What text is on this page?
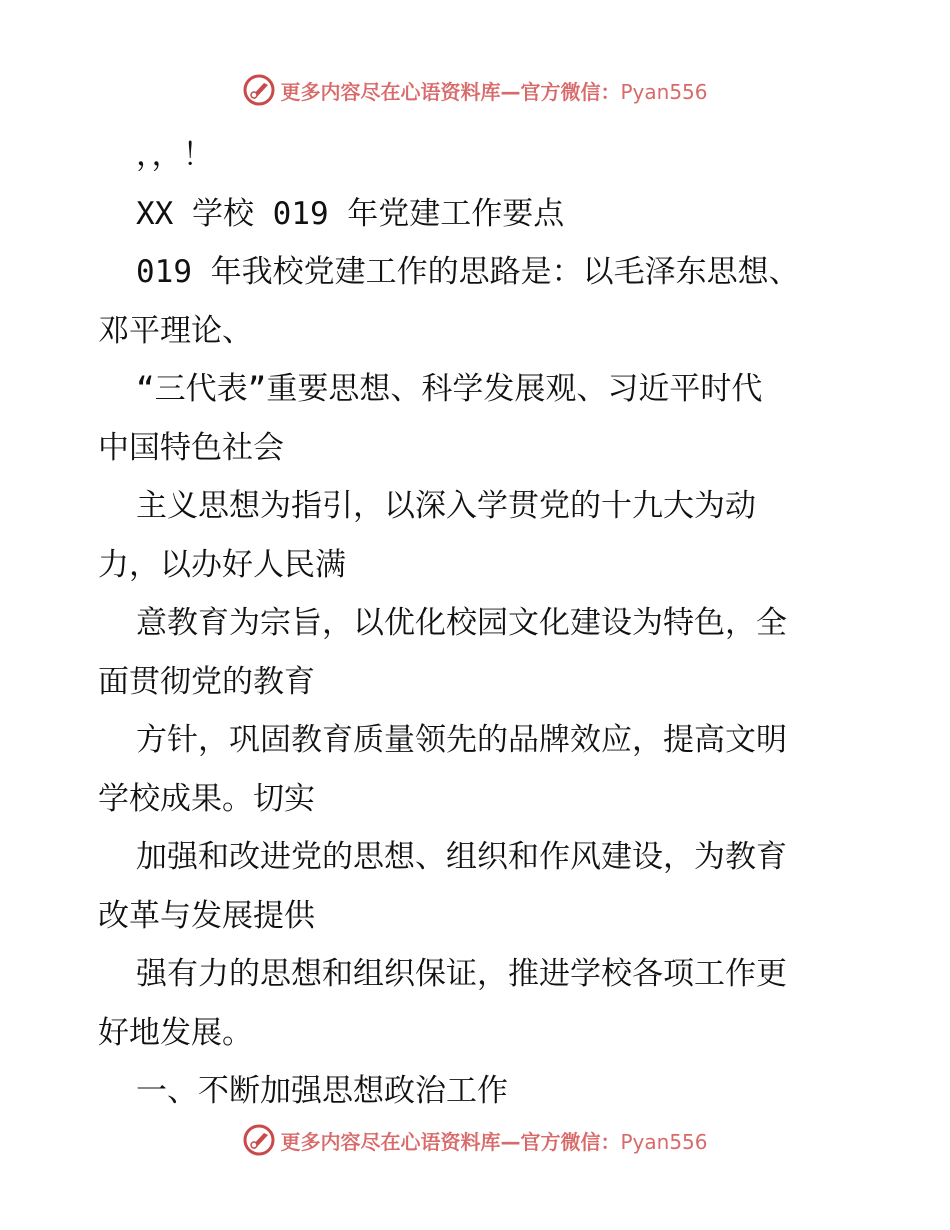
更多内容尽在心语资料库—官方微信：Pyan556
，，！
XX 学校 019 年党建工作要点
019 年我校党建工作的思路是：以毛泽东思想、
邓平理论、
“三代表”重要思想、科学发展观、习近平时代
中国特色社会
主义思想为指引，以深入学贯党的十九大为动
力，以办好人民满
意教育为宗旨，以优化校园文化建设为特色，全
面贯彻党的教育
方针，巩固教育质量领先的品牌效应，提高文明
学校成果。切实
加强和改进党的思想、组织和作风建设，为教育
改革与发展提供
强有力的思想和组织保证，推进学校各项工作更
好地发展。
一、不断加强思想政治工作
更多内容尽在心语资料库—官方微信：Pyan556
